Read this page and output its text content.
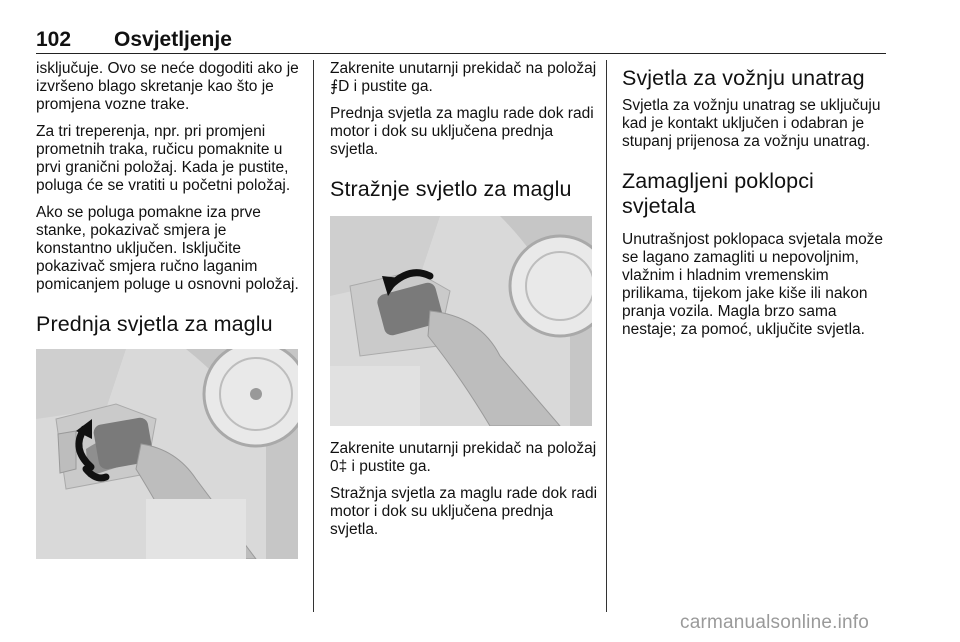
102 Osvjetljenje

isključuje. Ovo se neće dogoditi ako je izvršeno blago skretanje kao što je promjena vozne trake.

Za tri treperenja, npr. pri promjeni prometnih traka, ručicu pomaknite u prvi granični položaj. Kada je pustite, poluga će se vratiti u početni položaj.

Ako se poluga pomakne iza prve stanke, pokazivač smjera je konstantno uključen. Isključite pokazivač smjera ručno laganim pomicanjem poluge u osnovni položaj.

Prednja svjetla za maglu

Zakrenite unutarnji prekidač na položaj ⨎D i pustite ga.

Prednja svjetla za maglu rade dok radi motor i dok su uključena prednja svjetla.

Stražnje svjetlo za maglu

Zakrenite unutarnji prekidač na položaj 0‡ i pustite ga.

Stražnja svjetla za maglu rade dok radi motor i dok su uključena prednja svjetla.

Svjetla za vožnju unatrag

Svjetla za vožnju unatrag se uključuju kad je kontakt uključen i odabran je stupanj prijenosa za vožnju unatrag.

Zamagljeni poklopci svjetala

Unutrašnjost poklopaca svjetala može se lagano zamagliti u nepovoljnim, vlažnim i hladnim vremenskim prilikama, tijekom jake kiše ili nakon pranja vozila. Magla brzo sama nestaje; za pomoć, uključite svjetla.

carmanualsonline.info
